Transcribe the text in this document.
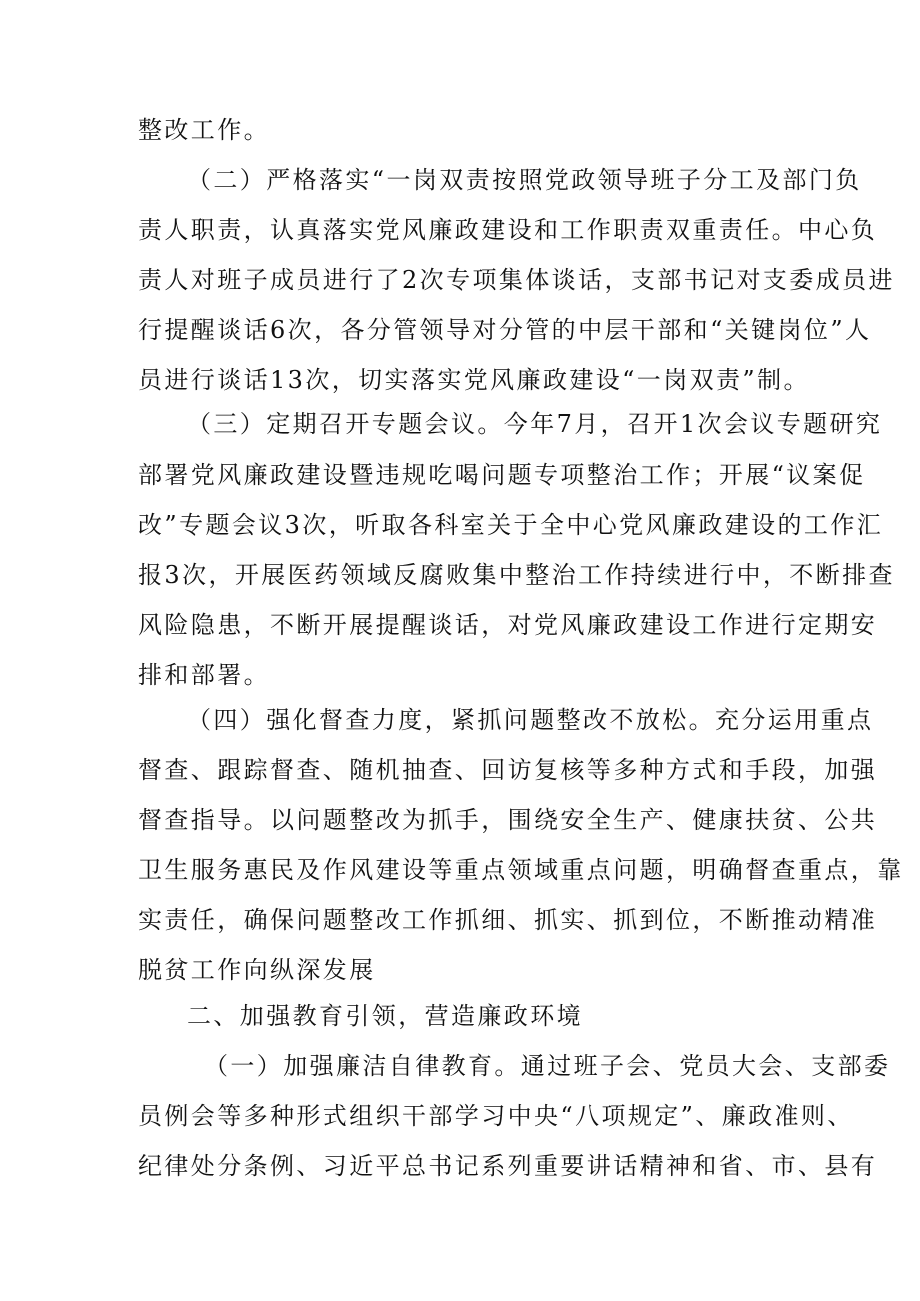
整改工作。
（二）严格落实“一岗双责按照党政领导班子分工及部门负
责人职责，认真落实党风廉政建设和工作职责双重责任。中心负
责人对班子成员进行了2次专项集体谈话，支部书记对支委成员进
行提醒谈话6次，各分管领导对分管的中层干部和“关键岗位”人
员进行谈话13次，切实落实党风廉政建设“一岗双责”制。
（三）定期召开专题会议。今年7月，召开1次会议专题研究
部署党风廉政建设暨违规吃喝问题专项整治工作；开展“议案促
改”专题会议3次，听取各科室关于全中心党风廉政建设的工作汇
报3次，开展医药领域反腐败集中整治工作持续进行中，不断排查
风险隐患，不断开展提醒谈话，对党风廉政建设工作进行定期安
排和部署。
（四）强化督查力度，紧抓问题整改不放松。充分运用重点
督查、跟踪督查、随机抽查、回访复核等多种方式和手段，加强
督查指导。以问题整改为抓手，围绕安全生产、健康扶贫、公共
卫生服务惠民及作风建设等重点领域重点问题，明确督查重点，靠
实责任，确保问题整改工作抓细、抓实、抓到位，不断推动精准
脱贫工作向纵深发展
二、加强教育引领，营造廉政环境
（一）加强廉洁自律教育。通过班子会、党员大会、支部委
员例会等多种形式组织干部学习中央“八项规定”、廉政准则、
纪律处分条例、习近平总书记系列重要讲话精神和省、市、县有
